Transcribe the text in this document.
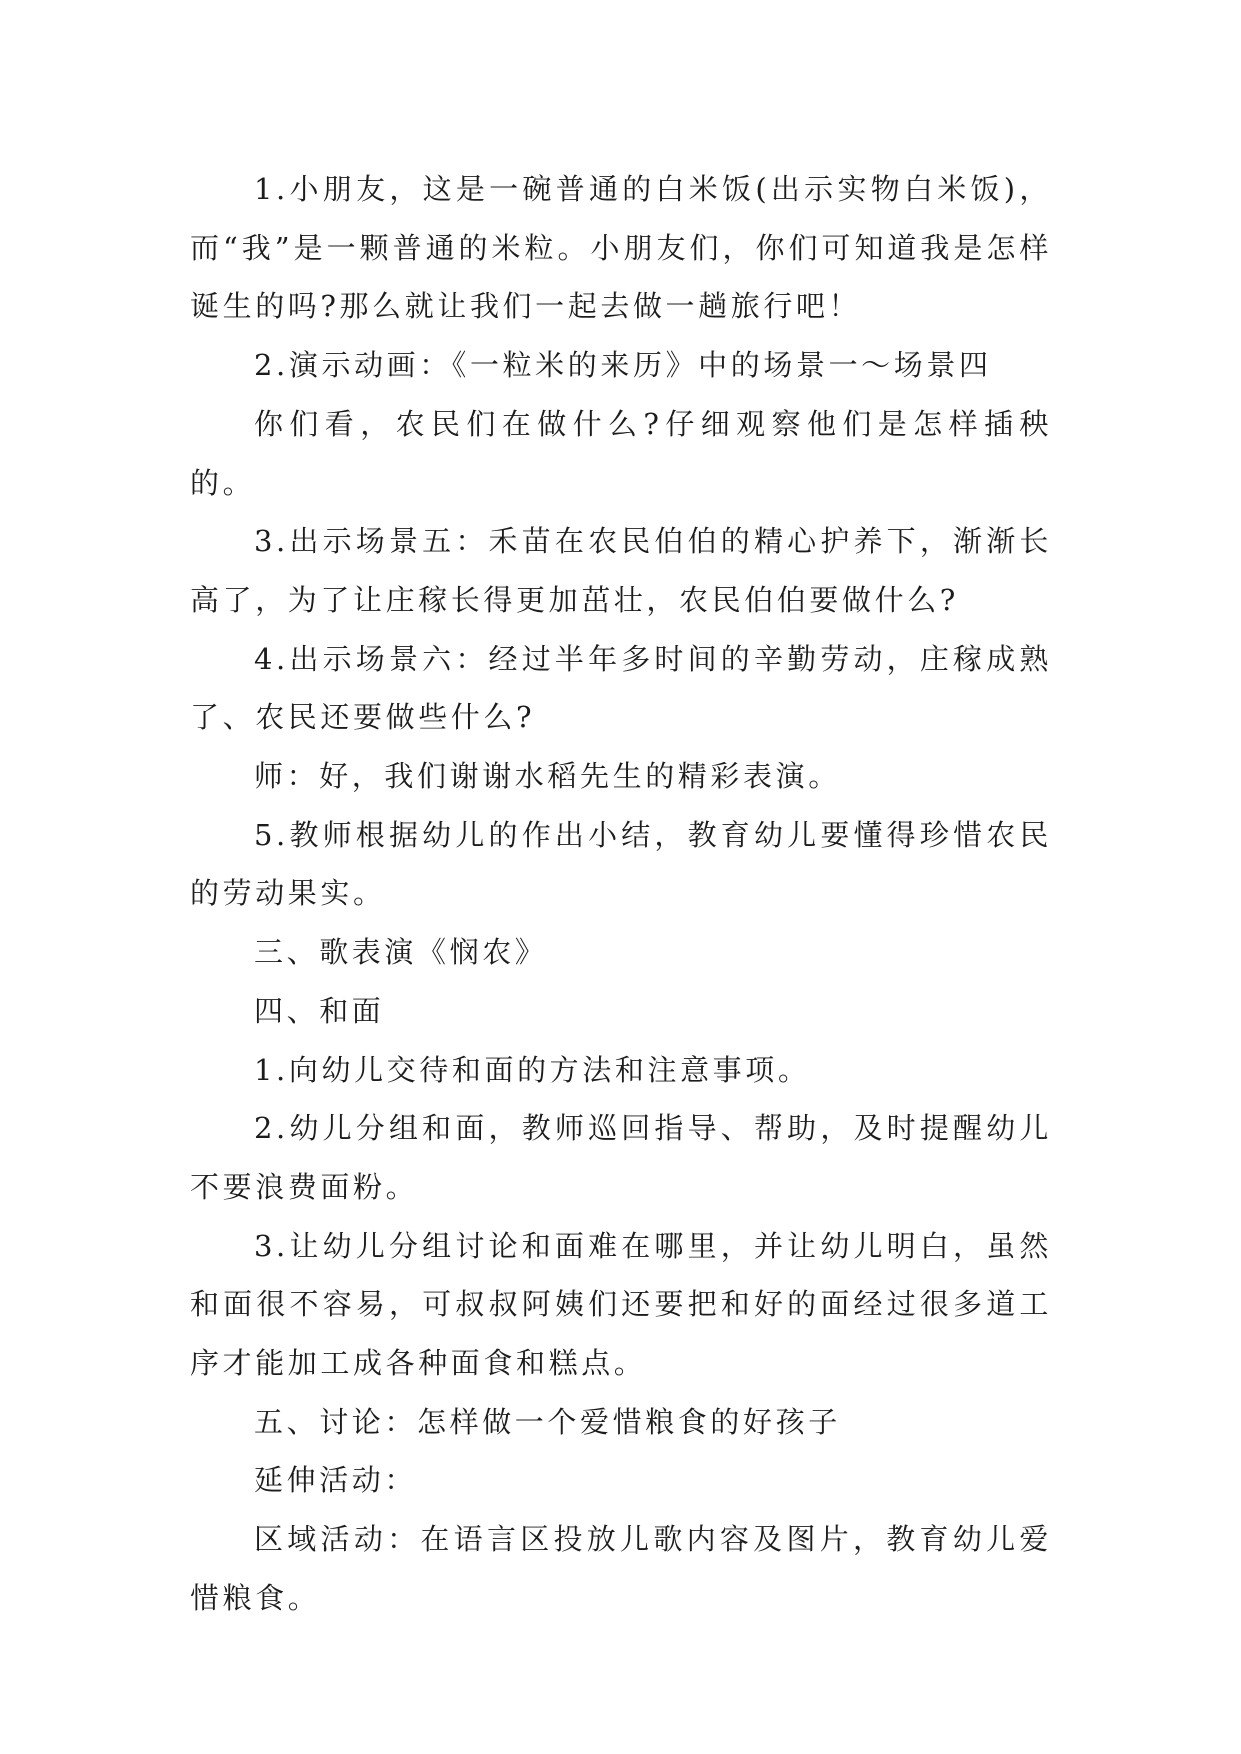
1.小朋友，这是一碗普通的白米饭(出示实物白米饭)，而“我”是一颗普通的米粒。小朋友们，你们可知道我是怎样诞生的吗?那么就让我们一起去做一趟旅行吧！

2.演示动画：《一粒米的来历》中的场景一～场景四

你们看，农民们在做什么?仔细观察他们是怎样插秧的。

3.出示场景五：禾苗在农民伯伯的精心护养下，渐渐长高了，为了让庄稼长得更加茁壮，农民伯伯要做什么?

4.出示场景六：经过半年多时间的辛勤劳动，庄稼成熟了、农民还要做些什么?

师：好，我们谢谢水稻先生的精彩表演。

5.教师根据幼儿的作出小结，教育幼儿要懂得珍惜农民的劳动果实。

三、歌表演《悯农》

四、和面

1.向幼儿交待和面的方法和注意事项。

2.幼儿分组和面，教师巡回指导、帮助，及时提醒幼儿不要浪费面粉。

3.让幼儿分组讨论和面难在哪里，并让幼儿明白，虽然和面很不容易，可叔叔阿姨们还要把和好的面经过很多道工序才能加工成各种面食和糕点。

五、讨论：怎样做一个爱惜粮食的好孩子

延伸活动：

区域活动：在语言区投放儿歌内容及图片，教育幼儿爱惜粮食。
